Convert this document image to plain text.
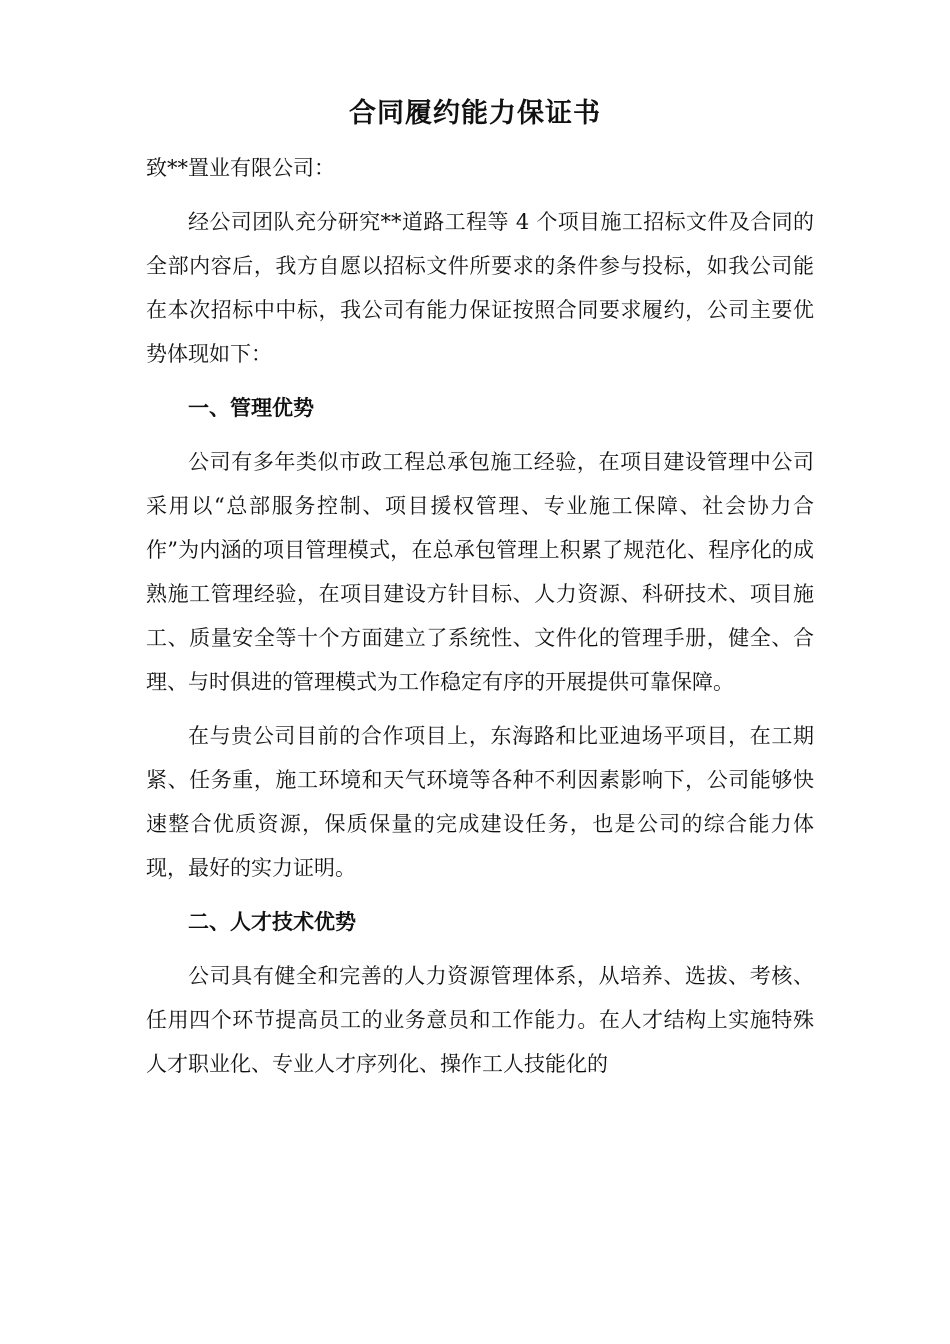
合同履约能力保证书

致**置业有限公司：

经公司团队充分研究**道路工程等 4 个项目施工招标文件及合同的全部内容后，我方自愿以招标文件所要求的条件参与投标，如我公司能在本次招标中中标，我公司有能力保证按照合同要求履约，公司主要优势体现如下：

一、管理优势

公司有多年类似市政工程总承包施工经验，在项目建设管理中公司采用以“总部服务控制、项目援权管理、专业施工保障、社会协力合作”为内涵的项目管理模式，在总承包管理上积累了规范化、程序化的成熟施工管理经验，在项目建设方针目标、人力资源、科研技术、项目施工、质量安全等十个方面建立了系统性、文件化的管理手册，健全、合理、与时俱进的管理模式为工作稳定有序的开展提供可靠保障。

在与贵公司目前的合作项目上，东海路和比亚迪场平项目，在工期紧、任务重，施工环境和天气环境等各种不利因素影响下，公司能够快速整合优质资源，保质保量的完成建设任务，也是公司的综合能力体现，最好的实力证明。

二、人才技术优势

公司具有健全和完善的人力资源管理体系，从培养、选拔、考核、任用四个环节提高员工的业务意员和工作能力。在人才结构上实施特殊人才职业化、专业人才序列化、操作工人技能化的
